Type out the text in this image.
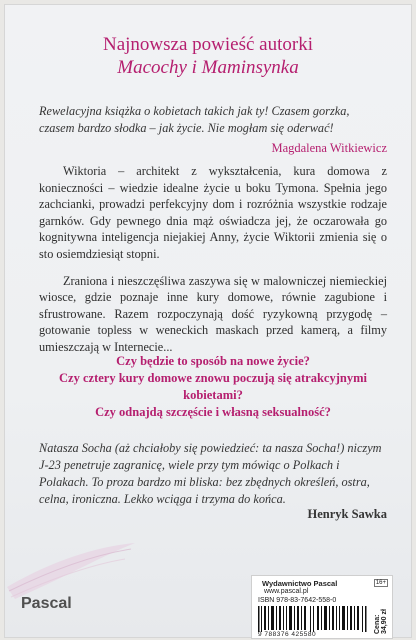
Najnowsza powieść autorki
Macochy i Maminsynka

Rewelacyjna książka o kobietach takich jak ty! Czasem gorzka, czasem bardzo słodka – jak życie. Nie mogłam się oderwać!

Magdalena Witkiewicz

Wiktoria – architekt z wykształcenia, kura domowa z konieczności – wiedzie idealne życie u boku Tymona. Spełnia jego zachcianki, prowadzi perfekcyjny dom i rozróżnia wszystkie rodzaje garnków. Gdy pewnego dnia mąż oświadcza jej, że oczarowała go kognitywna inteligencja niejakiej Anny, życie Wiktorii zmienia się o sto osiemdziesiąt stopni.

Zraniona i nieszczęśliwa zaszywa się w malowniczej niemieckiej wiosce, gdzie poznaje inne kury domowe, równie zagubione i sfrustrowane. Razem rozpoczynają dość ryzykowną przygodę – gotowanie topless w weneckich maskach przed kamerą, a filmy umieszczają w Internecie...

Czy będzie to sposób na nowe życie?
Czy cztery kury domowe znowu poczują się atrakcyjnymi kobietami?
Czy odnajdą szczęście i własną seksualność?

Natasza Socha (aż chciałoby się powiedzieć: ta nasza Socha!) niczym J-23 penetruje zagranicę, wiele przy tym mówiąc o Polkach i Polakach. To proza bardzo mi bliska: bez zbędnych określeń, ostra, celna, ironiczna. Lekko wciąga i trzyma do końca.

Henryk Sawka
Pascal
Wydawnictwo Pascal
www.pascal.pl
ISBN 978-83-7642-558-0
16+
9 788376 425580
Cena: 34,90 zł
